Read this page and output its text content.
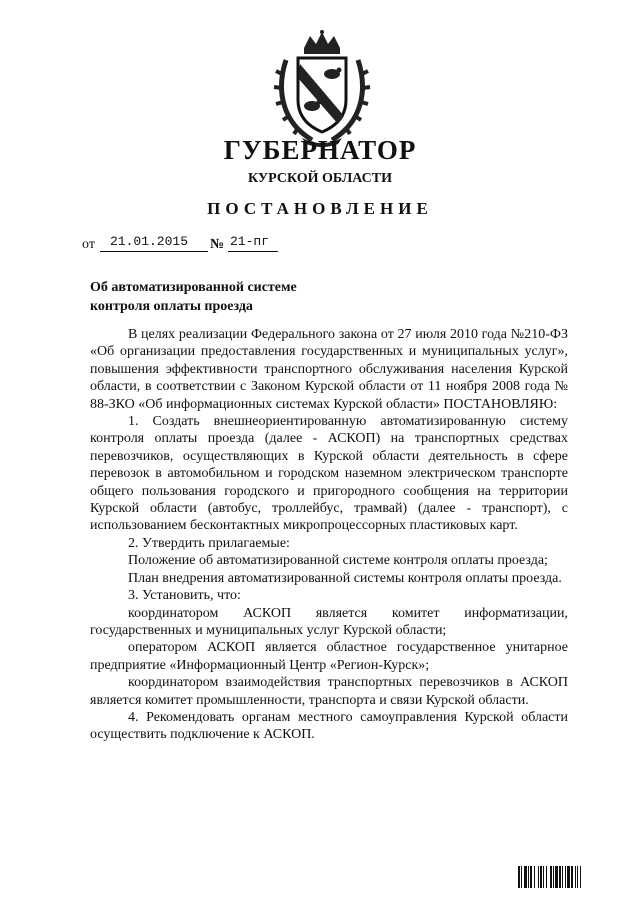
ГУБЕРНАТОР
КУРСКОЙ ОБЛАСТИ
ПОСТАНОВЛЕНИЕ
от 21.01.2015 № 21-пг
Об автоматизированной системе
контроля оплаты проезда

В целях реализации Федерального закона от 27 июля 2010 года №210-ФЗ «Об организации предоставления государственных и муниципальных услуг», повышения эффективности транспортного обслуживания населения Курской области, в соответствии с Законом Курской области от 11 ноября 2008 года № 88-ЗКО «Об информационных системах Курской области» ПОСТАНОВЛЯЮ:

1. Создать внешнеориентированную автоматизированную систему контроля оплаты проезда (далее - АСКОП) на транспортных средствах перевозчиков, осуществляющих в Курской области деятельность в сфере перевозок в автомобильном и городском наземном электрическом транспорте общего пользования городского и пригородного сообщения на территории Курской области (автобус, троллейбус, трамвай) (далее - транспорт), с использованием бесконтактных микропроцессорных пластиковых карт.

2. Утвердить прилагаемые:

Положение об автоматизированной системе контроля оплаты проезда;

План внедрения автоматизированной системы контроля оплаты проезда.

3. Установить, что:

координатором АСКОП является комитет информатизации, государственных и муниципальных услуг Курской области;

оператором АСКОП является областное государственное унитарное предприятие «Информационный Центр «Регион-Курск»;

координатором взаимодействия транспортных перевозчиков в АСКОП является комитет промышленности, транспорта и связи Курской области.

4. Рекомендовать органам местного самоуправления Курской области осуществить подключение к АСКОП.
